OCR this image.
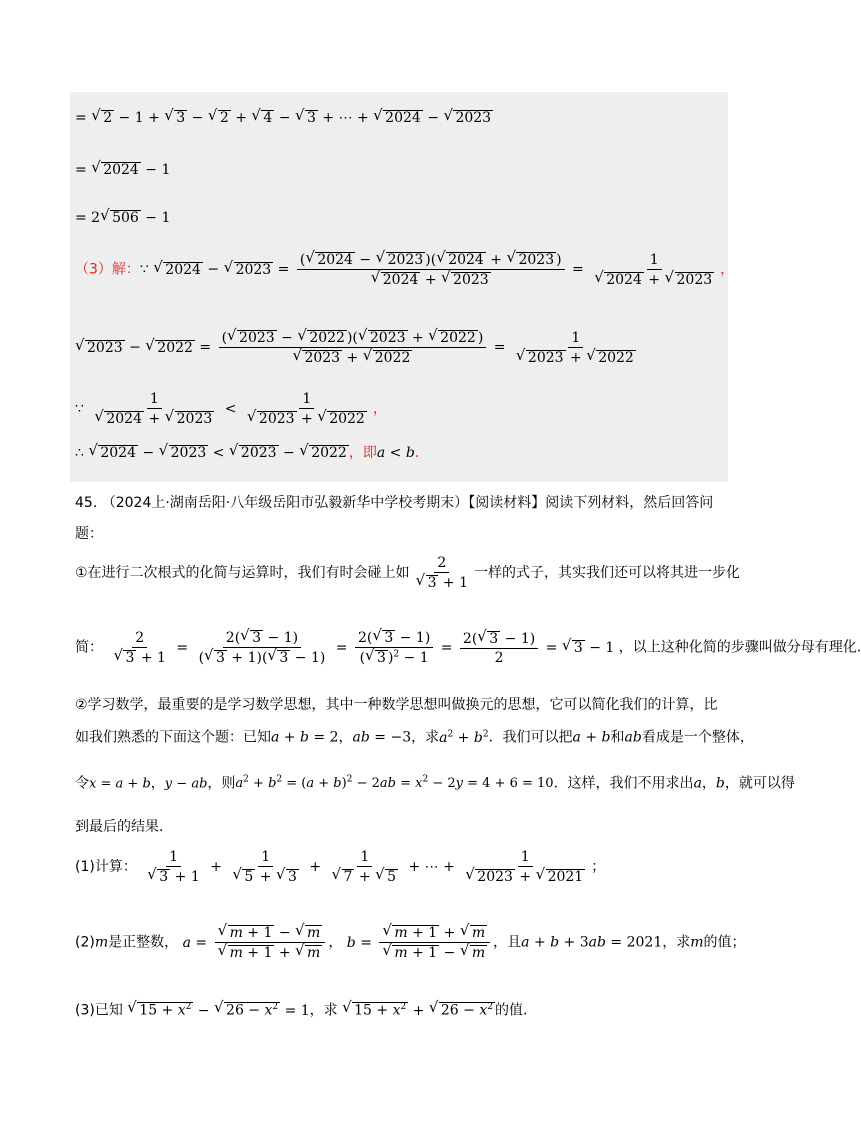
= √ 2 − 1 + √ 3 − √ 2 + √ 4 − √ 3 + ⋯ + √ 2024 − √ 2023
= √ 2024 − 1
= 2 √ 506 − 1
（3）解：∵ √ 2024 − √ 2023 = ( √ 2024 − √ 2023 )( √ 2024 + √ 2023 )
√ 2024 + √ 2023 = 1
√ 2024 + √ 2023 ，
√ 2023 − √ 2022 = ( √ 2023 − √ 2022 )( √ 2023 + √ 2022 )
√ 2023 + √ 2022 = 1
√ 2023 + √ 2022
∵ 1
√ 2024 + √ 2023 < 1
√ 2023 + √ 2022 ，
∴ √ 2024 − √ 2023 < √ 2023 − √ 2022 ，即a < b.
45. （2024上·湖南岳阳·八年级岳阳市弘毅新华中学校考期末）【阅读材料】阅读下列材料，然后回答问
题：
①在进行二次根式的化简与运算时，我们有时会碰上如 2
√ 3 + 1 一样的式子，其实我们还可以将其进一步化
简： 2
√ $3 + 1 = \frac{2( √ 3 - 1)}{( √ 3 + 1)( √ 3 - 1)} = \frac{2( √ 3 - 1)}{( √ 3 )^2 - 1} = \frac{2( √ 3 - 1)}{2}$ = √ 3 − 1 ，以上这种化简的步骤叫做分母有理化.
②学习数学，最重要的是学习数学思想，其中一种数学思想叫做换元的思想，它可以简化我们的计算，比
如我们熟悉的下面这个题：已知a + b = 2，ab = −3，求$a^2 + b^2$．我们可以把a + b和ab看成是一个整体，
令x = a + b，y − ab，则$a^2 + b^2 = (a + b)^2 - 2ab = x^2 - 2y = 4 + 6 = 10$．这样，我们不用求出a，b，就可以得
到最后的结果.
(1)计算： 1
√ 3 + 1 + 1
√ 5 + √ 3 + 1
√ 7 + √ 5 + ⋯ + 1
√ 2023 + √ 2021 ；
(2)m是正整数， a = √ m + 1 − √ m
√ m + 1 + √ m ， b = √ m + 1 + √ m
√ m + 1 − √ m ，且a + b + 3ab = 2021，求m的值；
(3)已知 √ $15 + x^2$ − √ $26 - x^2 = 1$，求 √ $15 + x^2$ + √ $26 - x^2$ 的值.
